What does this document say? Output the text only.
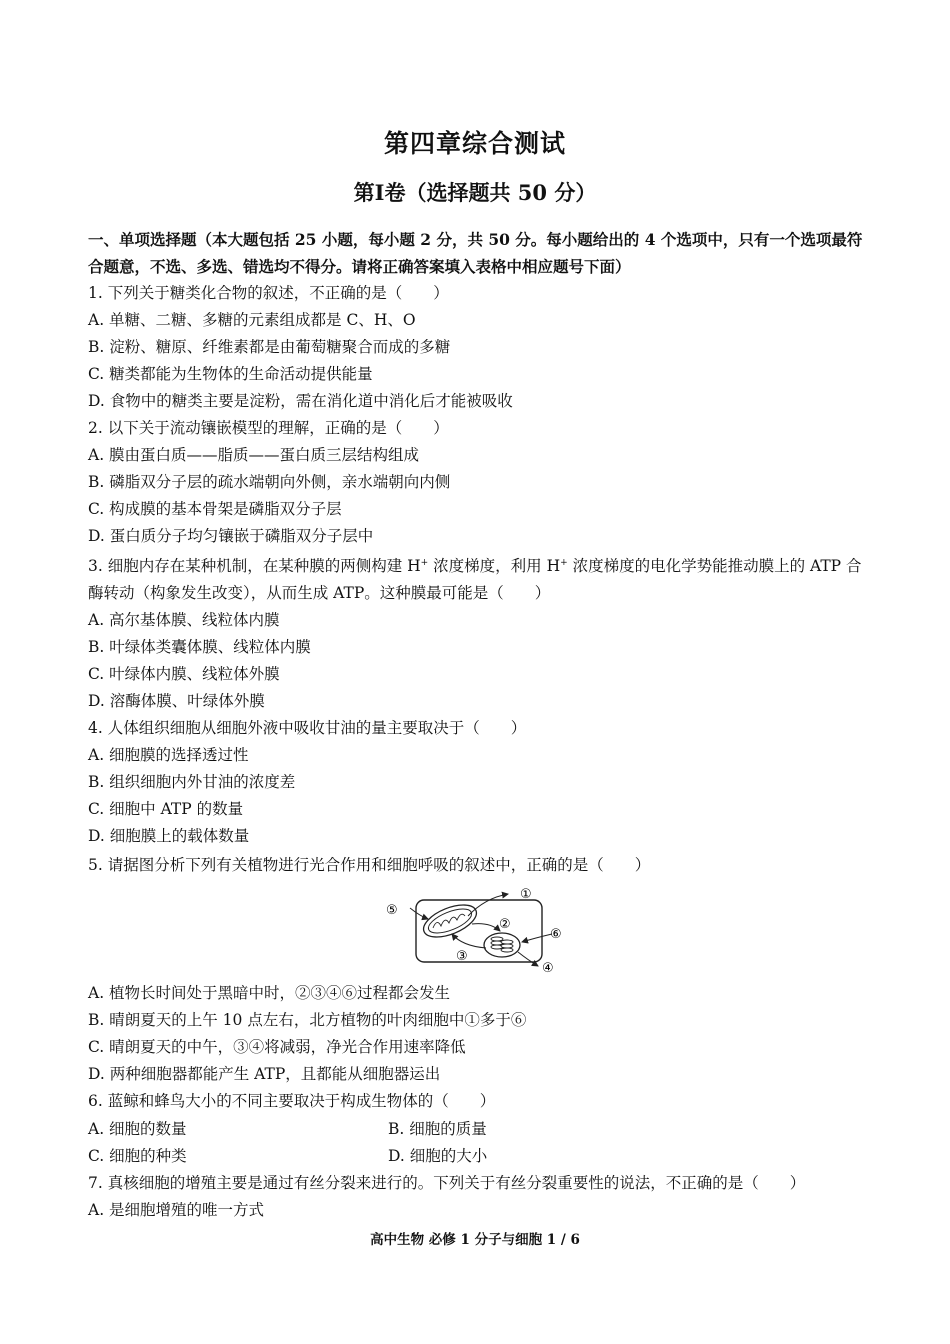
第四章综合测试
第Ⅰ卷（选择题共 50 分）
一、单项选择题（本大题包括 25 小题，每小题 2 分，共 50 分。每小题给出的 4 个选项中，只有一个选项最符合题意，不选、多选、错选均不得分。请将正确答案填入表格中相应题号下面）
1. 下列关于糖类化合物的叙述，不正确的是（　　）
A. 单糖、二糖、多糖的元素组成都是 C、H、O
B. 淀粉、糖原、纤维素都是由葡萄糖聚合而成的多糖
C. 糖类都能为生物体的生命活动提供能量
D. 食物中的糖类主要是淀粉，需在消化道中消化后才能被吸收
2. 以下关于流动镶嵌模型的理解，正确的是（　　）
A. 膜由蛋白质——脂质——蛋白质三层结构组成
B. 磷脂双分子层的疏水端朝向外侧，亲水端朝向内侧
C. 构成膜的基本骨架是磷脂双分子层
D. 蛋白质分子均匀镶嵌于磷脂双分子层中
3. 细胞内存在某种机制，在某种膜的两侧构建 H+ 浓度梯度，利用 H+ 浓度梯度的电化学势能推动膜上的 ATP 合酶转动（构象发生改变），从而生成 ATP。这种膜最可能是（　　）
A. 高尔基体膜、线粒体内膜
B. 叶绿体类囊体膜、线粒体内膜
C. 叶绿体内膜、线粒体外膜
D. 溶酶体膜、叶绿体外膜
4. 人体组织细胞从细胞外液中吸收甘油的量主要取决于（　　）
A. 细胞膜的选择透过性
B. 组织细胞内外甘油的浓度差
C. 细胞中 ATP 的数量
D. 细胞膜上的载体数量
5. 请据图分析下列有关植物进行光合作用和细胞呼吸的叙述中，正确的是（　　）
①
②
③
④
⑤
⑥
A. 植物长时间处于黑暗中时，②③④⑥过程都会发生
B. 晴朗夏天的上午 10 点左右，北方植物的叶肉细胞中①多于⑥
C. 晴朗夏天的中午，③④将减弱，净光合作用速率降低
D. 两种细胞器都能产生 ATP，且都能从细胞器运出
6. 蓝鲸和蜂鸟大小的不同主要取决于构成生物体的（　　）
A. 细胞的数量	B. 细胞的质量
C. 细胞的种类	D. 细胞的大小
7. 真核细胞的增殖主要是通过有丝分裂来进行的。下列关于有丝分裂重要性的说法，不正确的是（　　）
A. 是细胞增殖的唯一方式
高中生物 必修 1 分子与细胞 1 / 6
